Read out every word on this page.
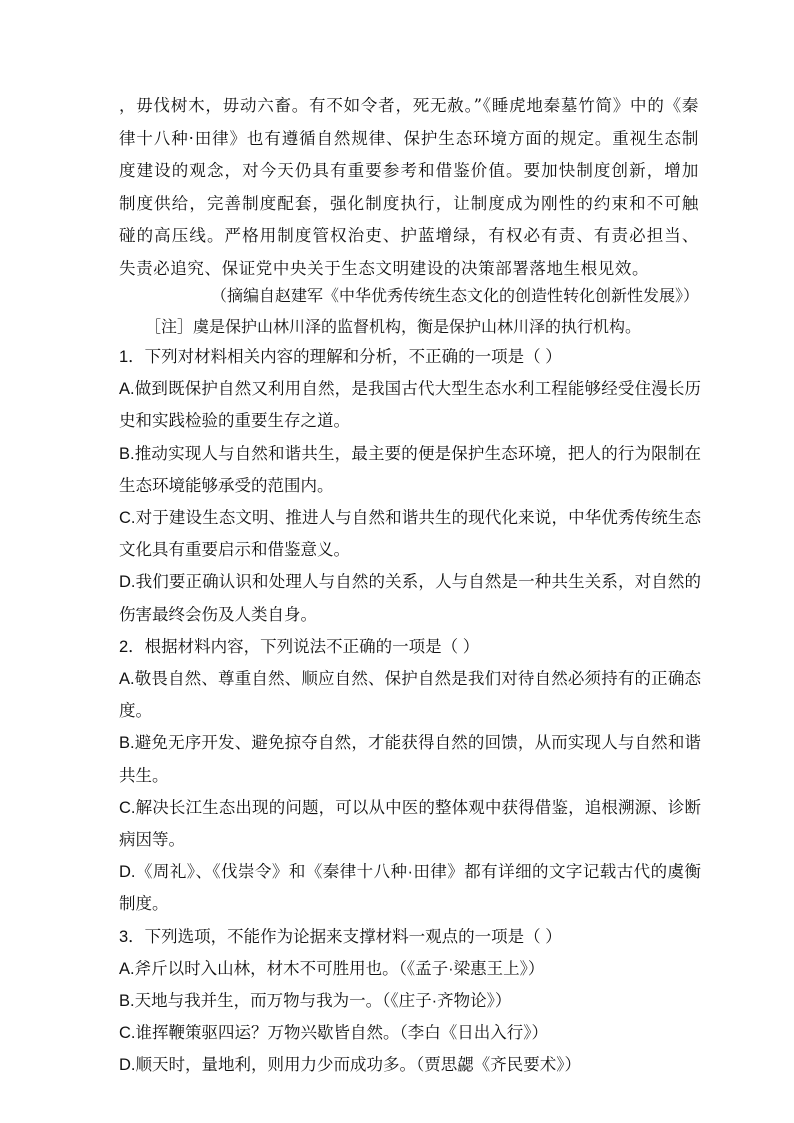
，毋伐树木，毋动六畜。有不如令者，死无赦。”《睡虎地秦墓竹简》中的《秦律十八种·田律》也有遵循自然规律、保护生态环境方面的规定。重视生态制度建设的观念，对今天仍具有重要参考和借鉴价值。要加快制度创新，增加制度供给，完善制度配套，强化制度执行，让制度成为刚性的约束和不可触碰的高压线。严格用制度管权治吏、护蓝增绿，有权必有责、有责必担当、失责必追究、保证党中央关于生态文明建设的决策部署落地生根见效。

（摘编自赵建军《中华优秀传统生态文化的创造性转化创新性发展》）
［注］虞是保护山林川泽的监督机构，衡是保护山林川泽的执行机构。

1．下列对材料相关内容的理解和分析，不正确的一项是（ ）

A.做到既保护自然又利用自然，是我国古代大型生态水利工程能够经受住漫长历史和实践检验的重要生存之道。

B.推动实现人与自然和谐共生，最主要的便是保护生态环境，把人的行为限制在生态环境能够承受的范围内。

C.对于建设生态文明、推进人与自然和谐共生的现代化来说，中华优秀传统生态文化具有重要启示和借鉴意义。

D.我们要正确认识和处理人与自然的关系，人与自然是一种共生关系，对自然的伤害最终会伤及人类自身。

2．根据材料内容，下列说法不正确的一项是（ ）

A.敬畏自然、尊重自然、顺应自然、保护自然是我们对待自然必须持有的正确态度。

B.避免无序开发、避免掠夺自然，才能获得自然的回馈，从而实现人与自然和谐共生。

C.解决长江生态出现的问题，可以从中医的整体观中获得借鉴，追根溯源、诊断病因等。

D.《周礼》、《伐崇令》和《秦律十八种·田律》都有详细的文字记载古代的虞衡制度。

3．下列选项，不能作为论据来支撑材料一观点的一项是（ ）

A.斧斤以时入山林，材木不可胜用也。（《孟子·梁惠王上》）

B.天地与我并生，而万物与我为一。（《庄子·齐物论》）

C.谁挥鞭策驱四运？万物兴歇皆自然。（李白《日出入行》）

D.顺天时，量地利，则用力少而成功多。（贾思勰《齐民要术》）
